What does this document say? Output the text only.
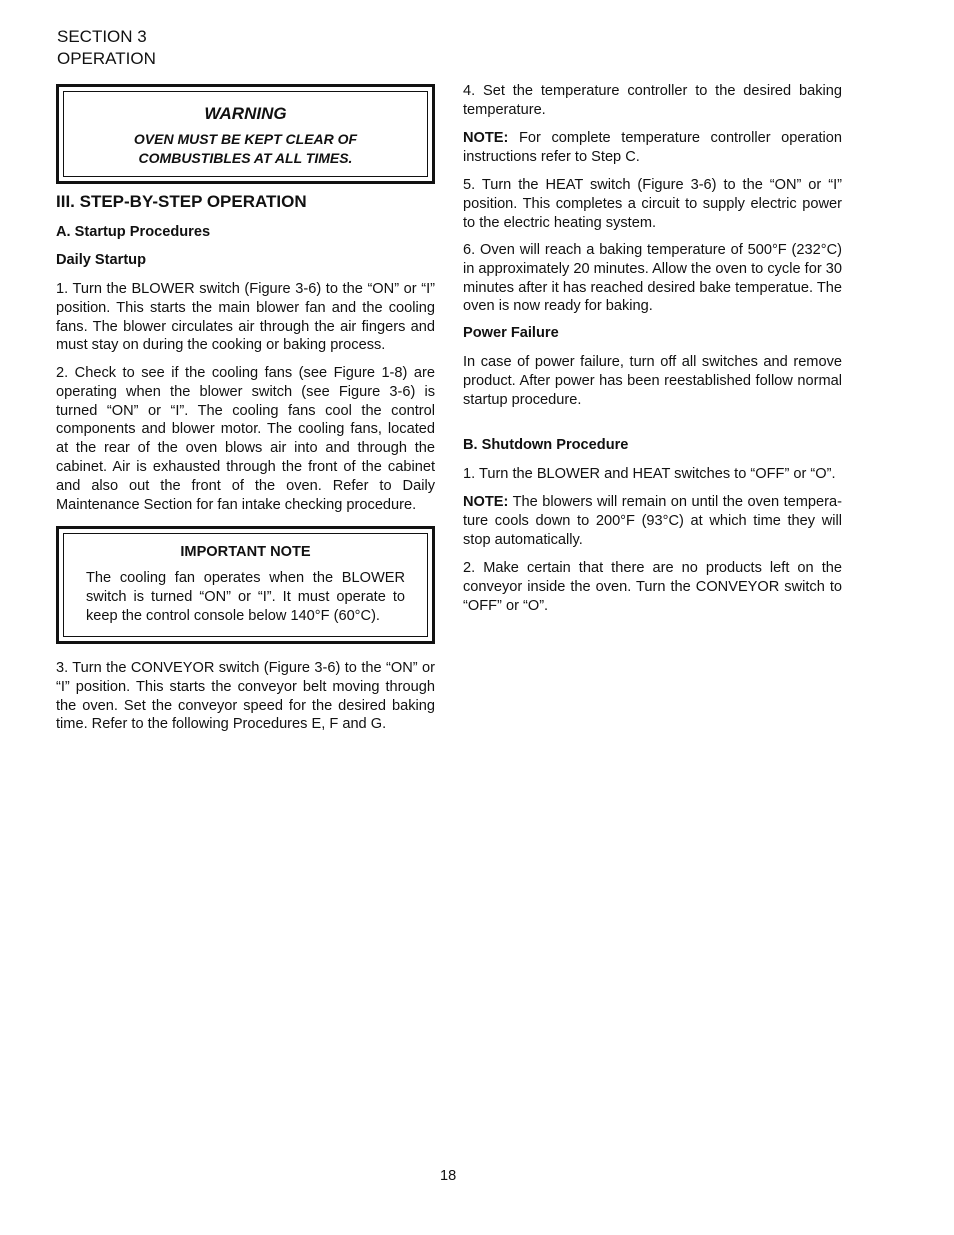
SECTION 3
OPERATION
WARNING
OVEN MUST BE KEPT CLEAR OF
COMBUSTIBLES AT ALL TIMES.
III. STEP-BY-STEP OPERATION
A. Startup Procedures
Daily Startup

1. Turn the BLOWER switch (Figure 3-6) to the “ON” or “I” position. This starts the main blower fan and the cooling fans. The blower circulates air through the air fingers and must stay on during the cooking or baking process.

2. Check to see if the cooling fans (see Figure 1-8) are operating when the blower switch (see Figure 3-6) is turned “ON” or “I”. The cooling fans cool the control components and blower motor. The cooling fans, located at the rear of the oven blows air into and through the cabinet. Air is exhausted through the front of the cabinet and also out the front of the oven. Refer to Daily Maintenance Section for fan intake checking procedure.

IMPORTANT NOTE
The cooling fan operates when the BLOWER switch is turned “ON” or “I”. It must operate to keep the control console below 140°F (60°C).

3. Turn the CONVEYOR switch (Figure 3-6) to the “ON” or “I” position. This starts the conveyor belt moving through the oven. Set the conveyor speed for the desired baking time. Refer to the following Procedures E, F and G.

4. Set the temperature controller to the desired baking temperature.

NOTE: For complete temperature controller operation instructions refer to Step C.

5. Turn the HEAT switch (Figure 3-6) to the “ON” or “I” position. This completes a circuit to supply electric power to the electric heating system.

6. Oven will reach a baking temperature of 500°F (232°C) in approximately 20 minutes. Allow the oven to cycle for 30 minutes after it has reached desired bake temperatue. The oven is now ready for baking.

Power Failure

In case of power failure, turn off all switches and remove product. After power has been reestablished follow normal startup procedure.

B. Shutdown Procedure

1. Turn the BLOWER and HEAT switches to “OFF” or “O”.

NOTE: The blowers will remain on until the oven tempera-ture cools down to 200°F (93°C) at which time they will stop automatically.

2. Make certain that there are no products left on the conveyor inside the oven. Turn the CONVEYOR switch to “OFF” or “O”.

18
